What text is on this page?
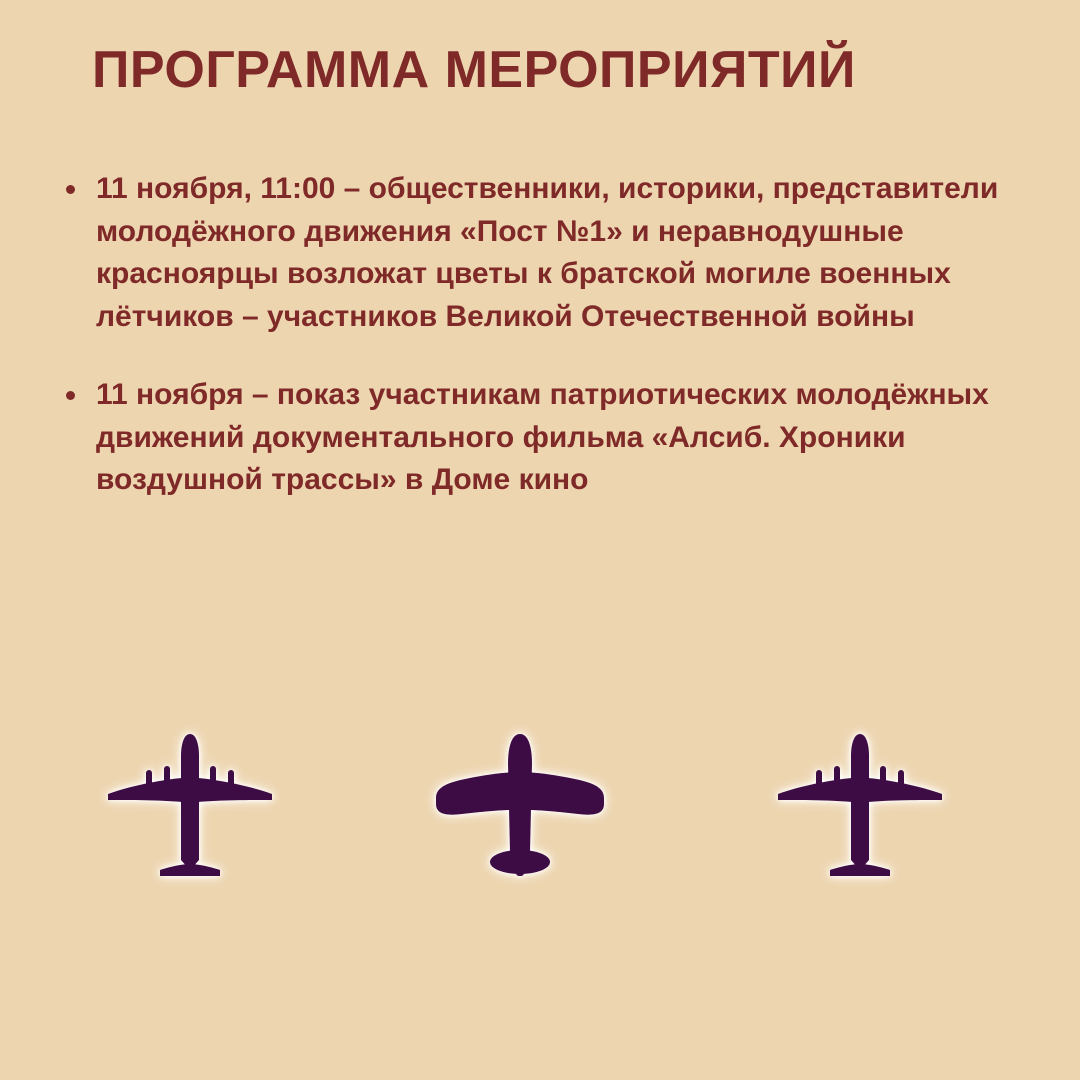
ПРОГРАММА МЕРОПРИЯТИЙ
11 ноября, 11:00 – общественники, историки, представители молодёжного движения «Пост №1» и неравнодушные красноярцы возложат цветы к братской могиле военных лётчиков – участников Великой Отечественной войны
11 ноября – показ участникам патриотических молодёжных движений документального фильма «Алсиб. Хроники воздушной трассы» в Доме кино
